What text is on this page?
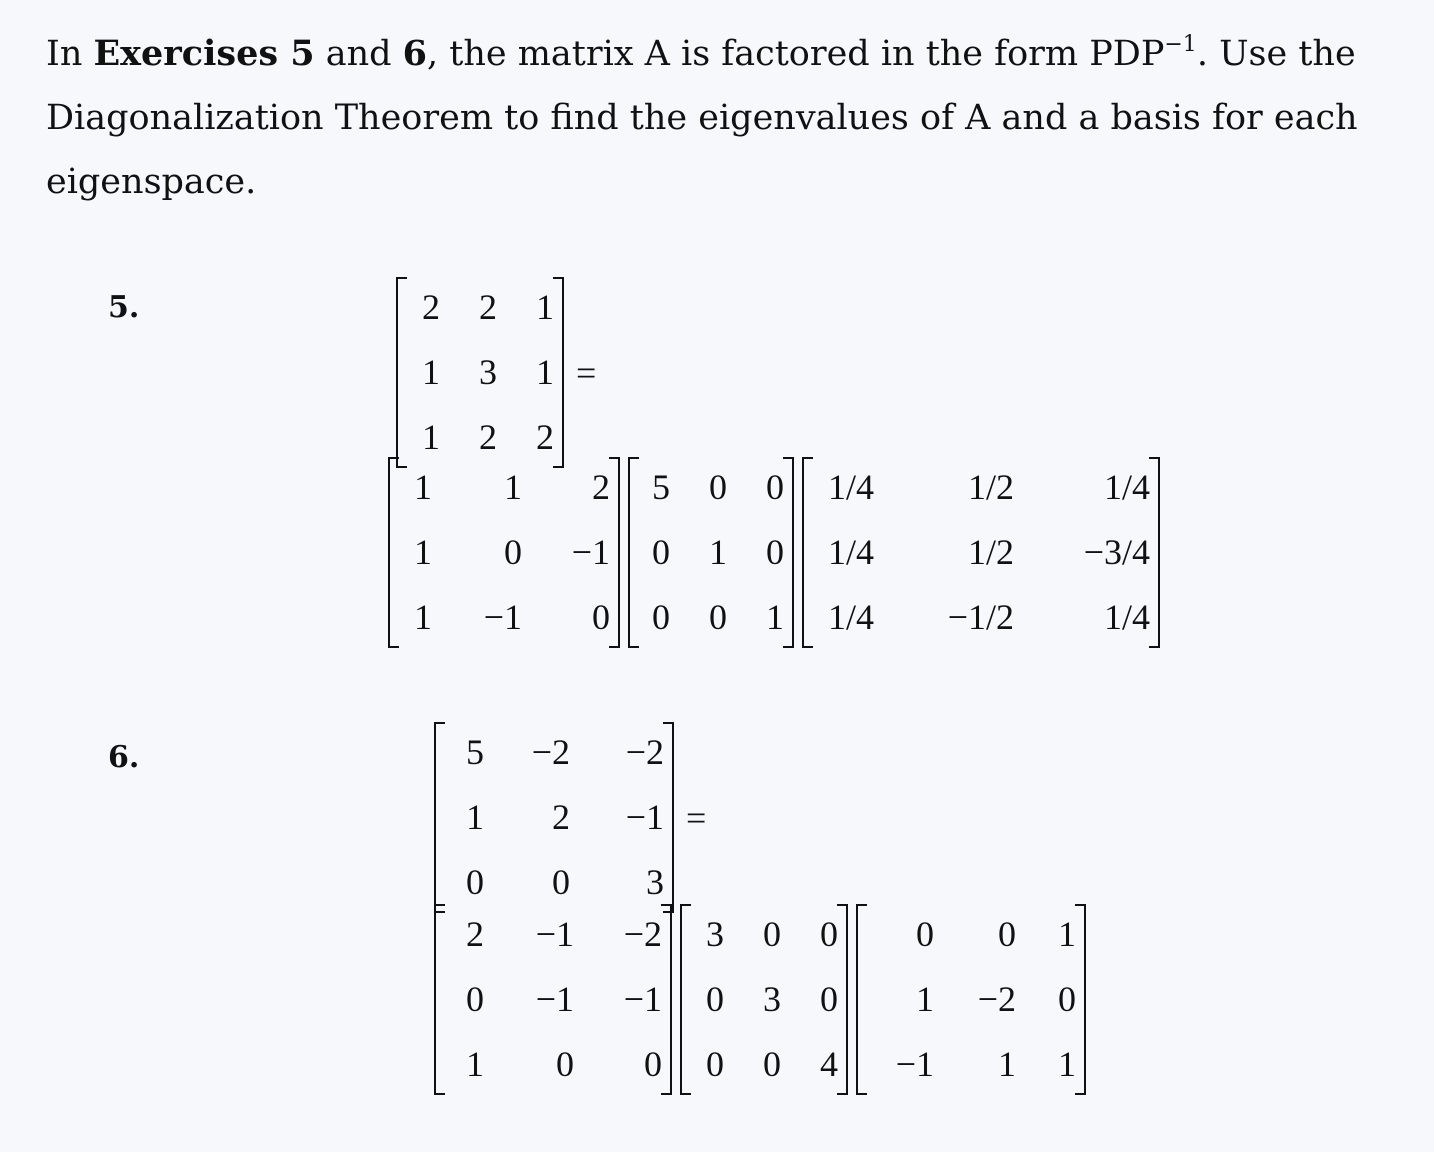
In Exercises 5 and 6, the matrix A is factored in the form $PDP^{-1}$. Use the Diagonalization Theorem to find the eigenvalues of A and a basis for each eigenspace.

5.	2	2	1
1	3	1
1	2	2
=
1	1	2
1	0	−1
1	−1	0
5	0	0
0	1	0
0	0	1
1/4	1/2	1/4
1/4	1/2	−3/4
1/4	−1/2	1/4
6.	5	−2	−2
1	2	−1
0	0	3
=
2	−1	−2
0	−1	−1
1	0	0
3	0	0
0	3	0
0	0	4
0	0	1
1	−2	0
−1	1	1
